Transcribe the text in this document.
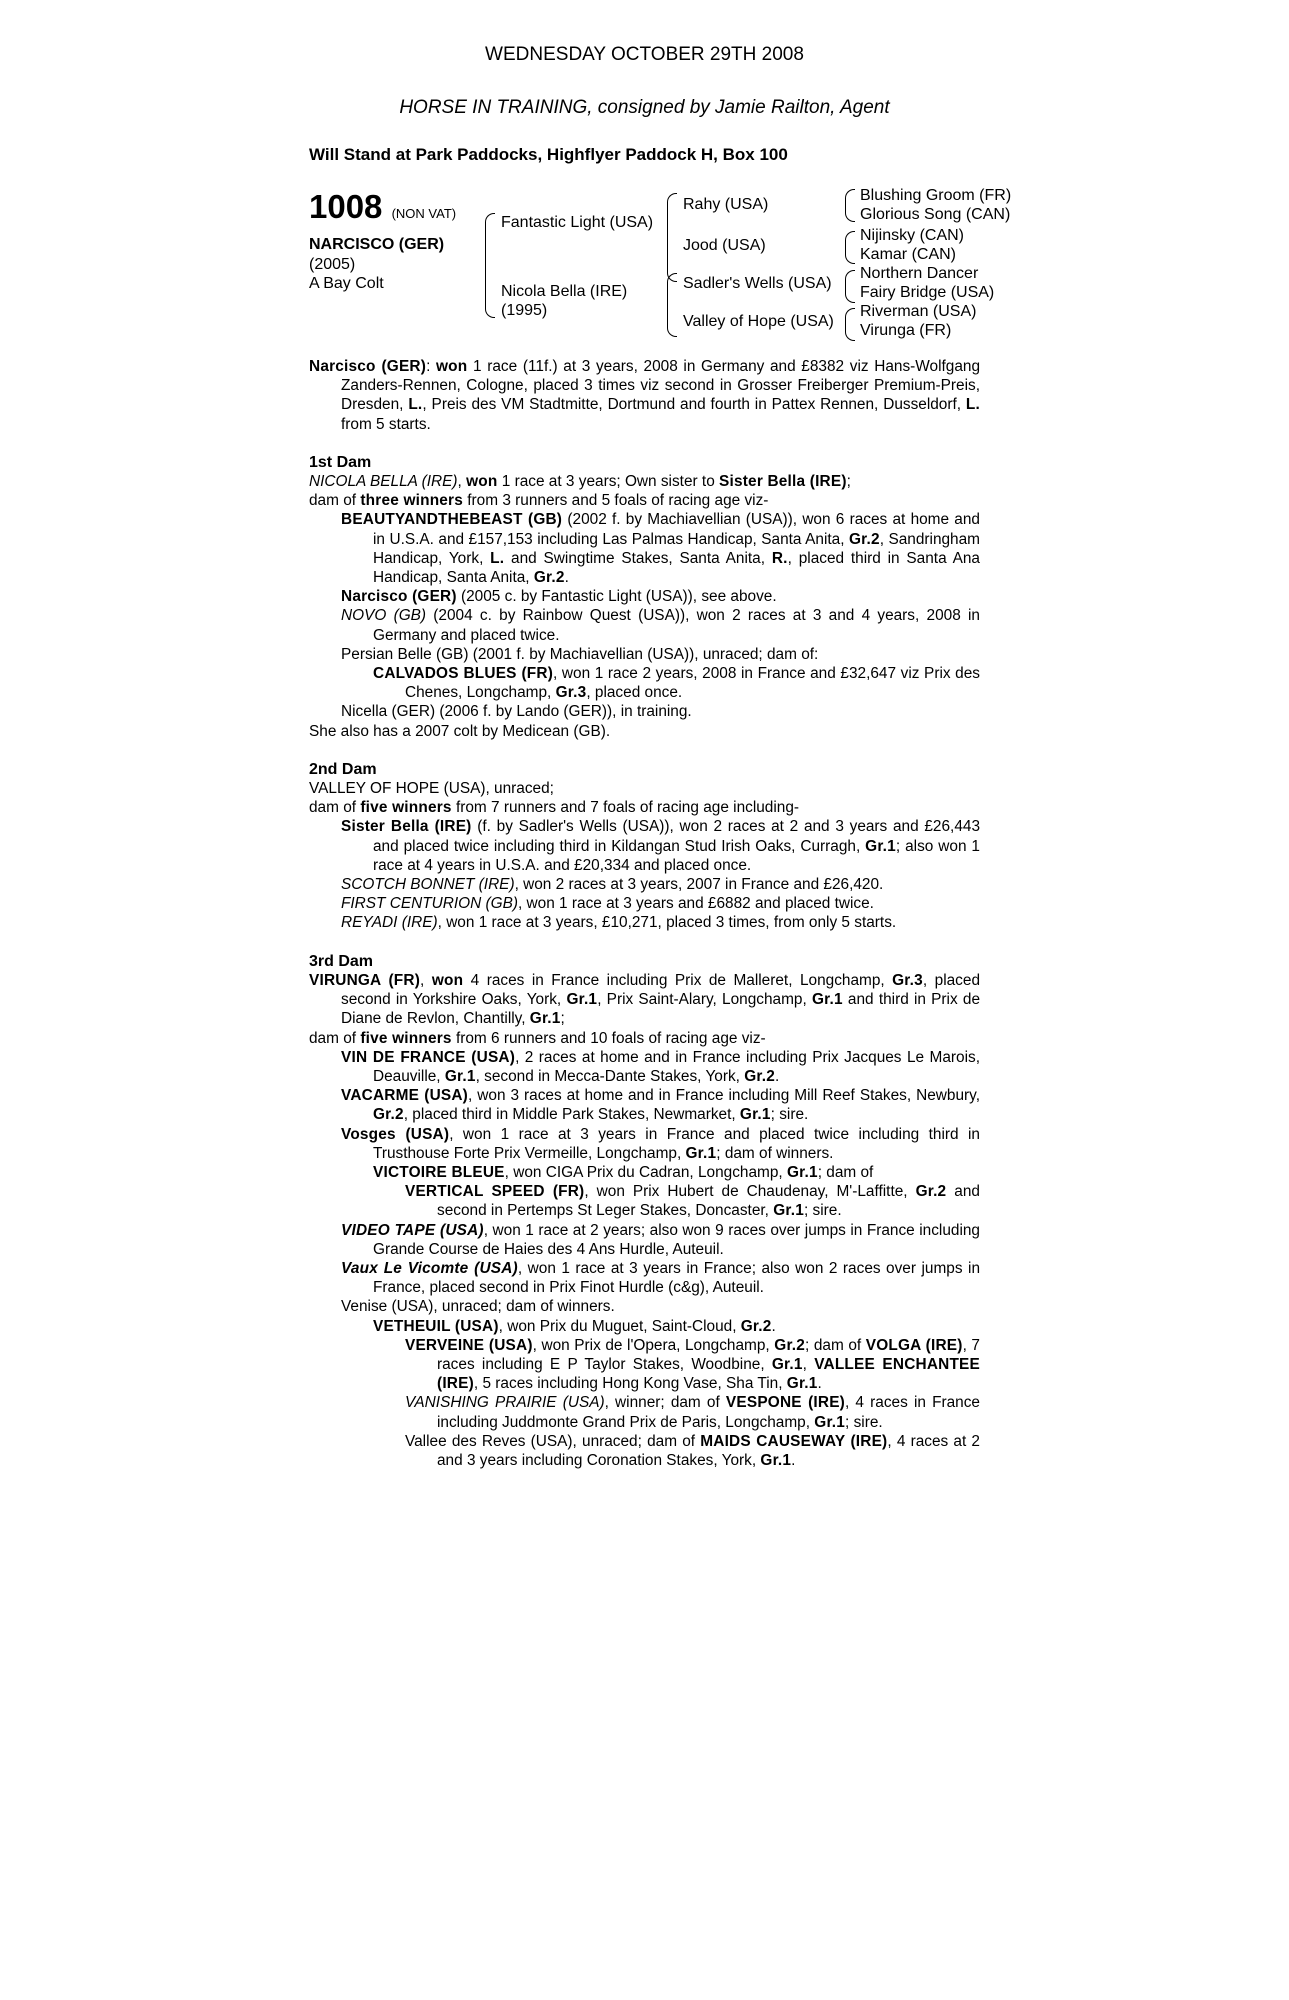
WEDNESDAY OCTOBER 29TH 2008
HORSE IN TRAINING, consigned by Jamie Railton, Agent
Will Stand at Park Paddocks, Highflyer Paddock H, Box 100
1008 (NON VAT)
NARCISCO (GER)
(2005)
A Bay Colt
Fantastic Light (USA)
Nicola Bella (IRE)
(1995)
Rahy (USA)
Jood (USA)
Sadler's Wells (USA)
Valley of Hope (USA)
Blushing Groom (FR)
Glorious Song (CAN)
Nijinsky (CAN)
Kamar (CAN)
Northern Dancer
Fairy Bridge (USA)
Riverman (USA)
Virunga (FR)

Narcisco (GER): won 1 race (11f.) at 3 years, 2008 in Germany and £8382 viz Hans-Wolfgang Zanders-Rennen, Cologne, placed 3 times viz second in Grosser Freiberger Premium-Preis, Dresden, L., Preis des VM Stadtmitte, Dortmund and fourth in Pattex Rennen, Dusseldorf, L. from 5 starts.

1st Dam

NICOLA BELLA (IRE), won 1 race at 3 years; Own sister to Sister Bella (IRE);

dam of three winners from 3 runners and 5 foals of racing age viz-

BEAUTYANDTHEBEAST (GB) (2002 f. by Machiavellian (USA)), won 6 races at home and in U.S.A. and £157,153 including Las Palmas Handicap, Santa Anita, Gr.2, Sandringham Handicap, York, L. and Swingtime Stakes, Santa Anita, R., placed third in Santa Ana Handicap, Santa Anita, Gr.2.

Narcisco (GER) (2005 c. by Fantastic Light (USA)), see above.

NOVO (GB) (2004 c. by Rainbow Quest (USA)), won 2 races at 3 and 4 years, 2008 in Germany and placed twice.

Persian Belle (GB) (2001 f. by Machiavellian (USA)), unraced; dam of:

CALVADOS BLUES (FR), won 1 race 2 years, 2008 in France and £32,647 viz Prix des Chenes, Longchamp, Gr.3, placed once.

Nicella (GER) (2006 f. by Lando (GER)), in training.

She also has a 2007 colt by Medicean (GB).

2nd Dam

VALLEY OF HOPE (USA), unraced;

dam of five winners from 7 runners and 7 foals of racing age including-

Sister Bella (IRE) (f. by Sadler's Wells (USA)), won 2 races at 2 and 3 years and £26,443 and placed twice including third in Kildangan Stud Irish Oaks, Curragh, Gr.1; also won 1 race at 4 years in U.S.A. and £20,334 and placed once.

SCOTCH BONNET (IRE), won 2 races at 3 years, 2007 in France and £26,420.

FIRST CENTURION (GB), won 1 race at 3 years and £6882 and placed twice.

REYADI (IRE), won 1 race at 3 years, £10,271, placed 3 times, from only 5 starts.

3rd Dam

VIRUNGA (FR), won 4 races in France including Prix de Malleret, Longchamp, Gr.3, placed second in Yorkshire Oaks, York, Gr.1, Prix Saint-Alary, Longchamp, Gr.1 and third in Prix de Diane de Revlon, Chantilly, Gr.1;

dam of five winners from 6 runners and 10 foals of racing age viz-

VIN DE FRANCE (USA), 2 races at home and in France including Prix Jacques Le Marois, Deauville, Gr.1, second in Mecca-Dante Stakes, York, Gr.2.

VACARME (USA), won 3 races at home and in France including Mill Reef Stakes, Newbury, Gr.2, placed third in Middle Park Stakes, Newmarket, Gr.1; sire.

Vosges (USA), won 1 race at 3 years in France and placed twice including third in Trusthouse Forte Prix Vermeille, Longchamp, Gr.1; dam of winners.

VICTOIRE BLEUE, won CIGA Prix du Cadran, Longchamp, Gr.1; dam of

VERTICAL SPEED (FR), won Prix Hubert de Chaudenay, M'-Laffitte, Gr.2 and second in Pertemps St Leger Stakes, Doncaster, Gr.1; sire.

VIDEO TAPE (USA), won 1 race at 2 years; also won 9 races over jumps in France including Grande Course de Haies des 4 Ans Hurdle, Auteuil.

Vaux Le Vicomte (USA), won 1 race at 3 years in France; also won 2 races over jumps in France, placed second in Prix Finot Hurdle (c&g), Auteuil.

Venise (USA), unraced; dam of winners.

VETHEUIL (USA), won Prix du Muguet, Saint-Cloud, Gr.2.

VERVEINE (USA), won Prix de l'Opera, Longchamp, Gr.2; dam of VOLGA (IRE), 7 races including E P Taylor Stakes, Woodbine, Gr.1, VALLEE ENCHANTEE (IRE), 5 races including Hong Kong Vase, Sha Tin, Gr.1.

VANISHING PRAIRIE (USA), winner; dam of VESPONE (IRE), 4 races in France including Juddmonte Grand Prix de Paris, Longchamp, Gr.1; sire.

Vallee des Reves (USA), unraced; dam of MAIDS CAUSEWAY (IRE), 4 races at 2 and 3 years including Coronation Stakes, York, Gr.1.
